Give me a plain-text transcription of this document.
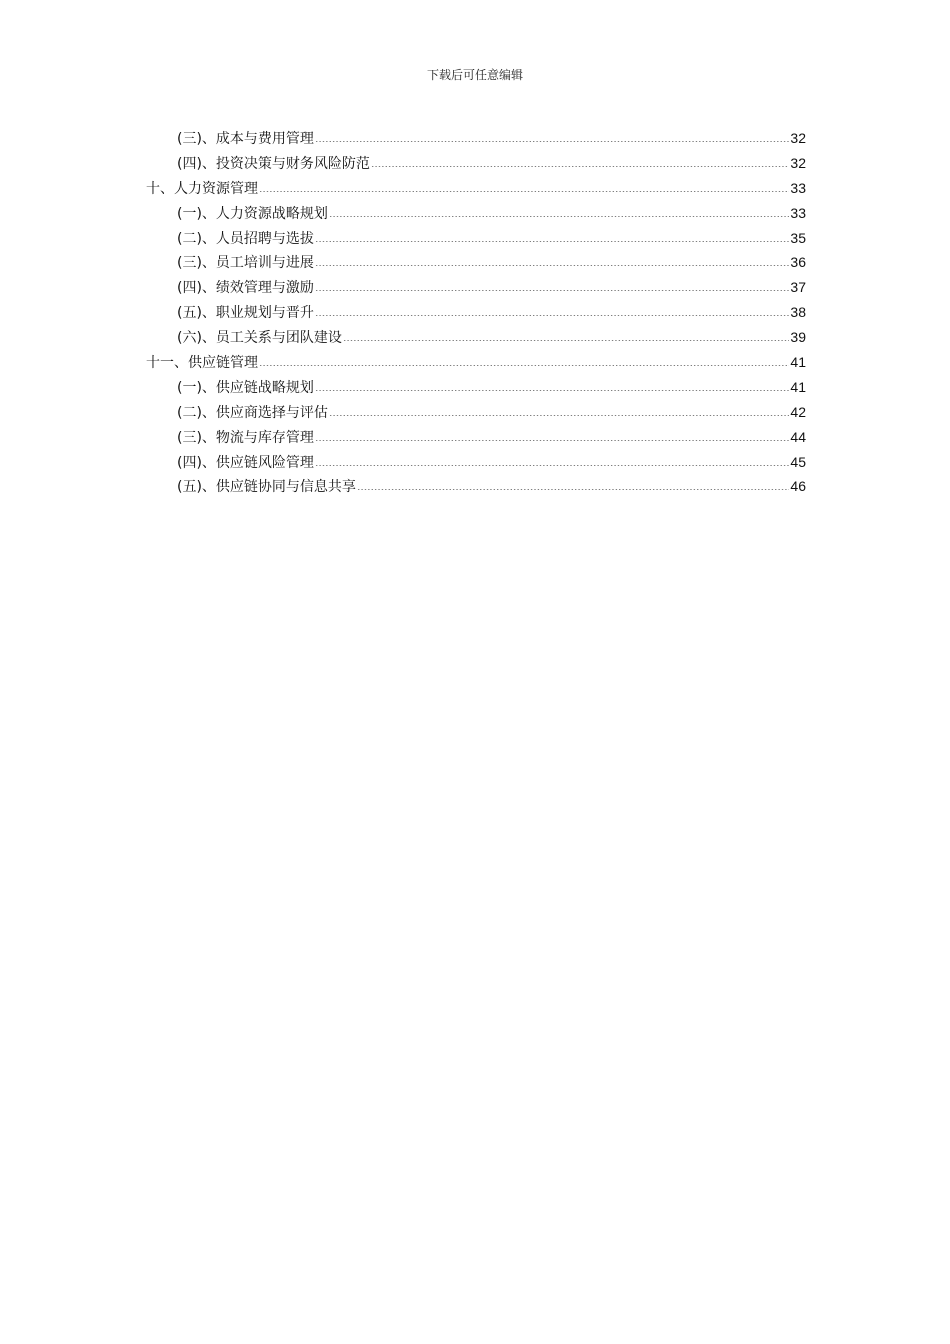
下载后可任意编辑
(三)、成本与费用管理	32
(四)、投资决策与财务风险防范	32
十、人力资源管理	33
(一)、人力资源战略规划	33
(二)、人员招聘与选拔	35
(三)、员工培训与进展	36
(四)、绩效管理与激励	37
(五)、职业规划与晋升	38
(六)、员工关系与团队建设	39
十一、供应链管理	41
(一)、供应链战略规划	41
(二)、供应商选择与评估	42
(三)、物流与库存管理	44
(四)、供应链风险管理	45
(五)、供应链协同与信息共享	46
